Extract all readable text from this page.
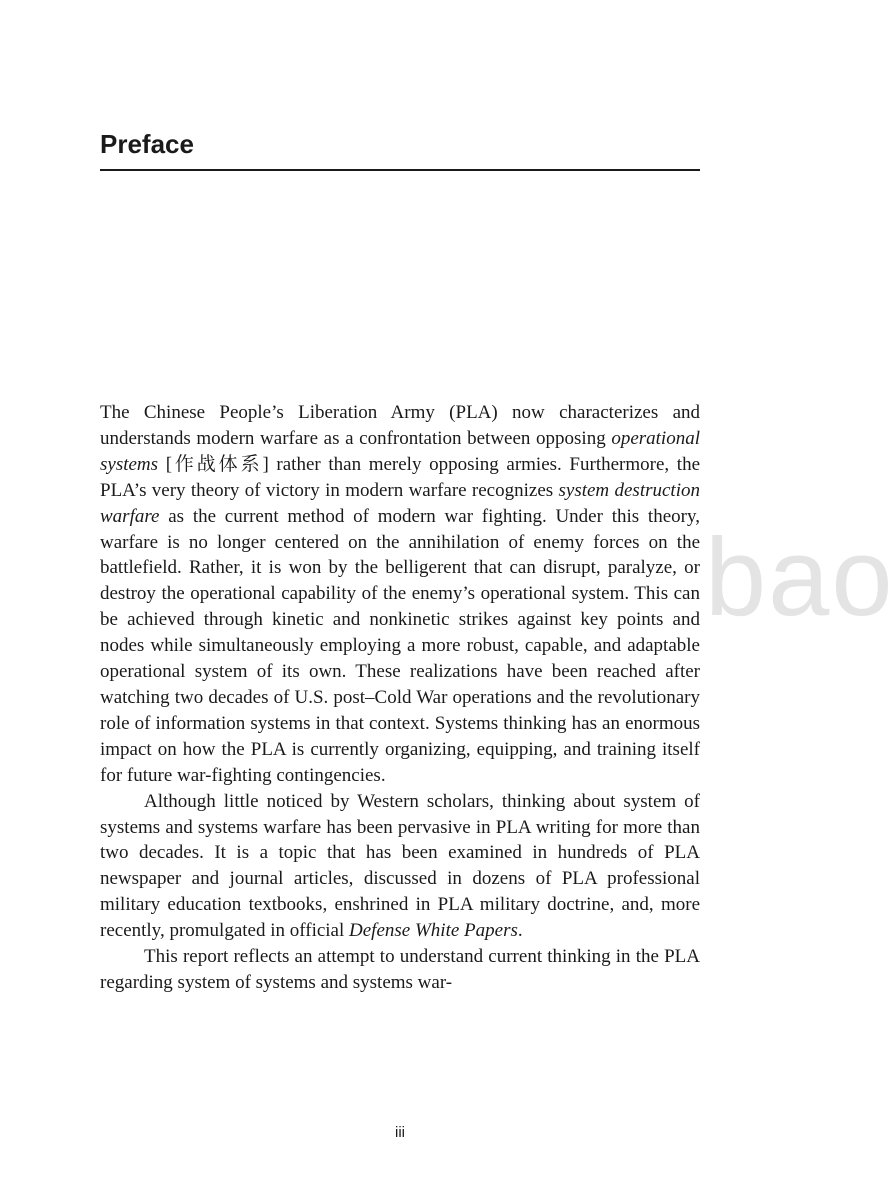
Preface
bao

The Chinese People’s Liberation Army (PLA) now characterizes and understands modern warfare as a confrontation between opposing operational systems [作战体系] rather than merely opposing armies. Furthermore, the PLA’s very theory of victory in modern warfare recognizes system destruction warfare as the current method of modern war fighting. Under this theory, warfare is no longer centered on the annihilation of enemy forces on the battlefield. Rather, it is won by the belligerent that can disrupt, paralyze, or destroy the operational capability of the enemy’s operational system. This can be achieved through kinetic and nonkinetic strikes against key points and nodes while simultaneously employing a more robust, capable, and adaptable operational system of its own. These realizations have been reached after watching two decades of U.S. post–Cold War operations and the revolutionary role of information systems in that context. Systems thinking has an enormous impact on how the PLA is currently organizing, equipping, and training itself for future war-fighting contingencies.

Although little noticed by Western scholars, thinking about system of systems and systems warfare has been pervasive in PLA writing for more than two decades. It is a topic that has been examined in hundreds of PLA newspaper and journal articles, discussed in dozens of PLA professional military education textbooks, enshrined in PLA military doctrine, and, more recently, promulgated in official Defense White Papers.

This report reflects an attempt to understand current thinking in the PLA regarding system of systems and systems war-

iii
